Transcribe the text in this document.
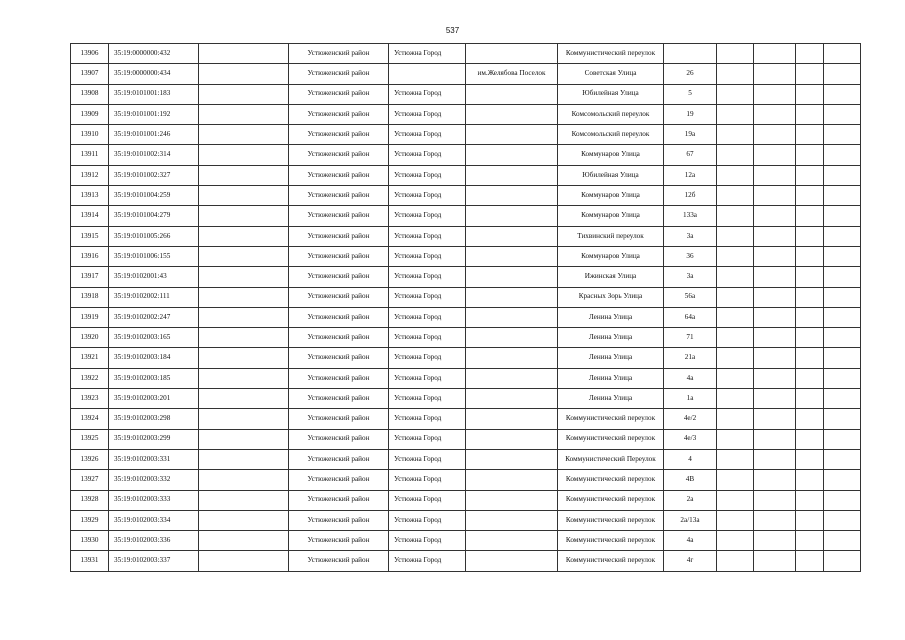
537
13906	35:19:0000000:432		Устюженский район	Устюжна Город		Коммунистический переулок					
13907	35:19:0000000:434		Устюженский район		им.Желябова Поселок	Советская Улица	26				
13908	35:19:0101001:183		Устюженский район	Устюжна Город		Юбилейная Улица	5				
13909	35:19:0101001:192		Устюженский район	Устюжна Город		Комсомольский переулок	19				
13910	35:19:0101001:246		Устюженский район	Устюжна Город		Комсомольский переулок	19а				
13911	35:19:0101002:314		Устюженский район	Устюжна Город		Коммунаров Улица	67				
13912	35:19:0101002:327		Устюженский район	Устюжна Город		Юбилейная Улица	12а				
13913	35:19:0101004:259		Устюженский район	Устюжна Город		Коммунаров Улица	12б				
13914	35:19:0101004:279		Устюженский район	Устюжна Город		Коммунаров Улица	133а				
13915	35:19:0101005:266		Устюженский район	Устюжна Город		Тихвинский переулок	3а				
13916	35:19:0101006:155		Устюженский район	Устюжна Город		Коммунаров Улица	36				
13917	35:19:0102001:43		Устюженский район	Устюжна Город		Ижинская Улица	3а				
13918	35:19:0102002:111		Устюженский район	Устюжна Город		Красных Зорь Улица	56а				
13919	35:19:0102002:247		Устюженский район	Устюжна Город		Ленина Улица	64а				
13920	35:19:0102003:165		Устюженский район	Устюжна Город		Ленина Улица	71				
13921	35:19:0102003:184		Устюженский район	Устюжна Город		Ленина Улица	21а				
13922	35:19:0102003:185		Устюженский район	Устюжна Город		Ленина Улица	4а				
13923	35:19:0102003:201		Устюженский район	Устюжна Город		Ленина Улица	1а				
13924	35:19:0102003:298		Устюженский район	Устюжна Город		Коммунистический переулок	4е/2				
13925	35:19:0102003:299		Устюженский район	Устюжна Город		Коммунистический переулок	4е/3				
13926	35:19:0102003:331		Устюженский район	Устюжна Город		Коммунистический Переулок	4				
13927	35:19:0102003:332		Устюженский район	Устюжна Город		Коммунистический переулок	4В				
13928	35:19:0102003:333		Устюженский район	Устюжна Город		Коммунистический переулок	2а				
13929	35:19:0102003:334		Устюженский район	Устюжна Город		Коммунистический переулок	2а/13а				
13930	35:19:0102003:336		Устюженский район	Устюжна Город		Коммунистический переулок	4а				
13931	35:19:0102003:337		Устюженский район	Устюжна Город		Коммунистический переулок	4г				
